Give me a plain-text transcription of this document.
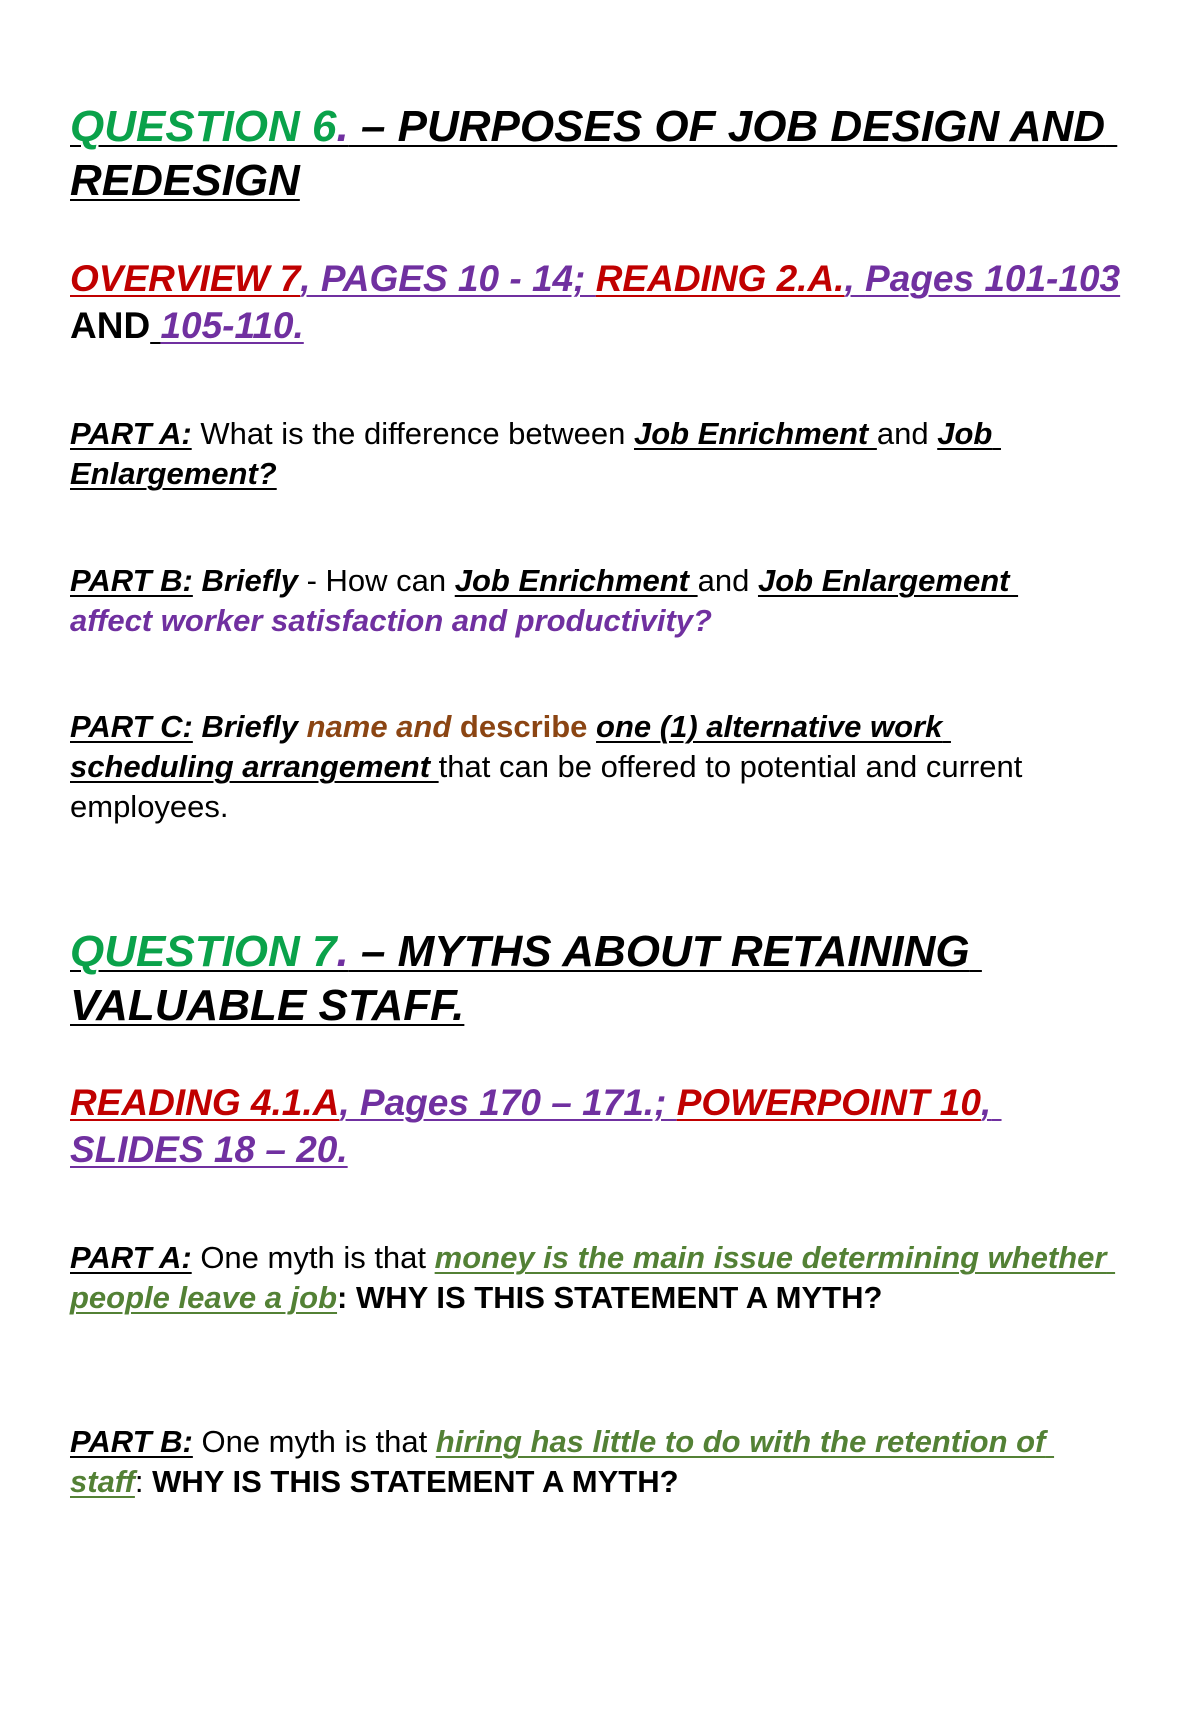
QUESTION 6. – PURPOSES OF JOB DESIGN AND REDESIGN
OVERVIEW 7, PAGES 10 - 14; READING 2.A., Pages 101-103 AND 105-110.
PART A: What is the difference between Job Enrichment and Job Enlargement?
PART B: Briefly - How can Job Enrichment and Job Enlargement affect worker satisfaction and productivity?
PART C: Briefly name and describe one (1) alternative work scheduling arrangement that can be offered to potential and current employees.
QUESTION 7. – MYTHS ABOUT RETAINING VALUABLE STAFF.
READING 4.1.A, Pages 170 – 171.; POWERPOINT 10, SLIDES 18 – 20.
PART A: One myth is that money is the main issue determining whether people leave a job: WHY IS THIS STATEMENT A MYTH?
PART B: One myth is that hiring has little to do with the retention of staff: WHY IS THIS STATEMENT A MYTH?
